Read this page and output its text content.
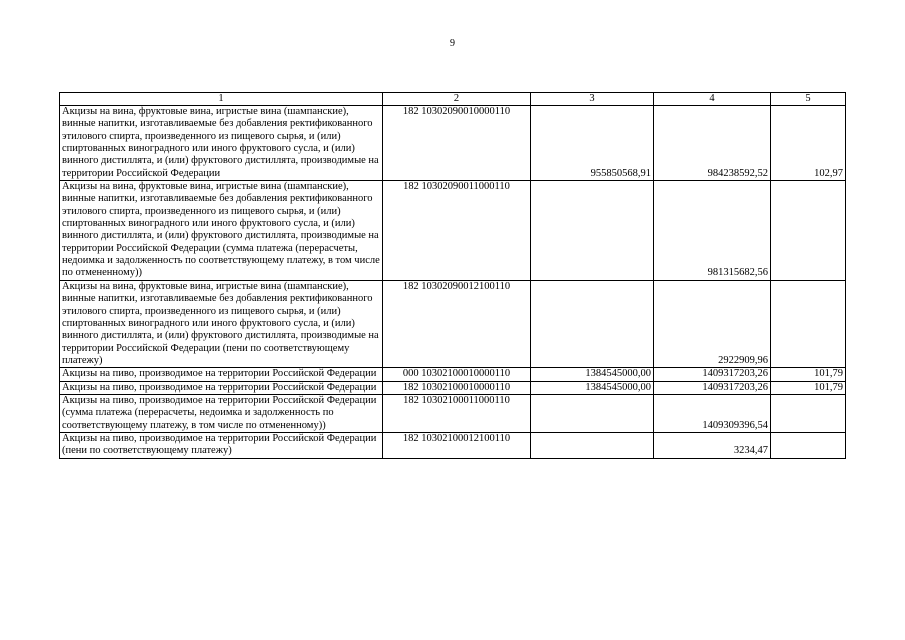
9
1	2	3	4	5
Акцизы на вина, фруктовые вина, игристые вина (шампанские), винные напитки, изготавливаемые без добавления ректификованного этилового спирта, произведенного из пищевого сырья, и (или) спиртованных виноградного или иного фруктового сусла, и (или) винного дистиллята, и (или) фруктового дистиллята, производимые на территории Российской Федерации	182 10302090010000110	955850568,91	984238592,52	102,97
Акцизы на вина, фруктовые вина, игристые вина (шампанские), винные напитки, изготавливаемые без добавления ректификованного этилового спирта, произведенного из пищевого сырья, и (или) спиртованных виноградного или иного фруктового сусла, и (или) винного дистиллята, и (или) фруктового дистиллята, производимые на территории Российской Федерации (сумма платежа (перерасчеты, недоимка и задолженность по соответствующему платежу, в том числе по отмененному))	182 10302090011000110		981315682,56	
Акцизы на вина, фруктовые вина, игристые вина (шампанские), винные напитки, изготавливаемые без добавления ректификованного этилового спирта, произведенного из пищевого сырья, и (или) спиртованных виноградного или иного фруктового сусла, и (или) винного дистиллята, и (или) фруктового дистиллята, производимые на территории Российской Федерации (пени по соответствующему платежу)	182 10302090012100110		2922909,96	
Акцизы на пиво, производимое на территории Российской Федерации	000 10302100010000110	1384545000,00	1409317203,26	101,79
Акцизы на пиво, производимое на территории Российской Федерации	182 10302100010000110	1384545000,00	1409317203,26	101,79
Акцизы на пиво, производимое на территории Российской Федерации (сумма платежа (перерасчеты, недоимка и задолженность по соответствующему платежу, в том числе по отмененному))	182 10302100011000110		1409309396,54	
Акцизы на пиво, производимое на территории Российской Федерации (пени по соответствующему платежу)	182 10302100012100110		3234,47	
